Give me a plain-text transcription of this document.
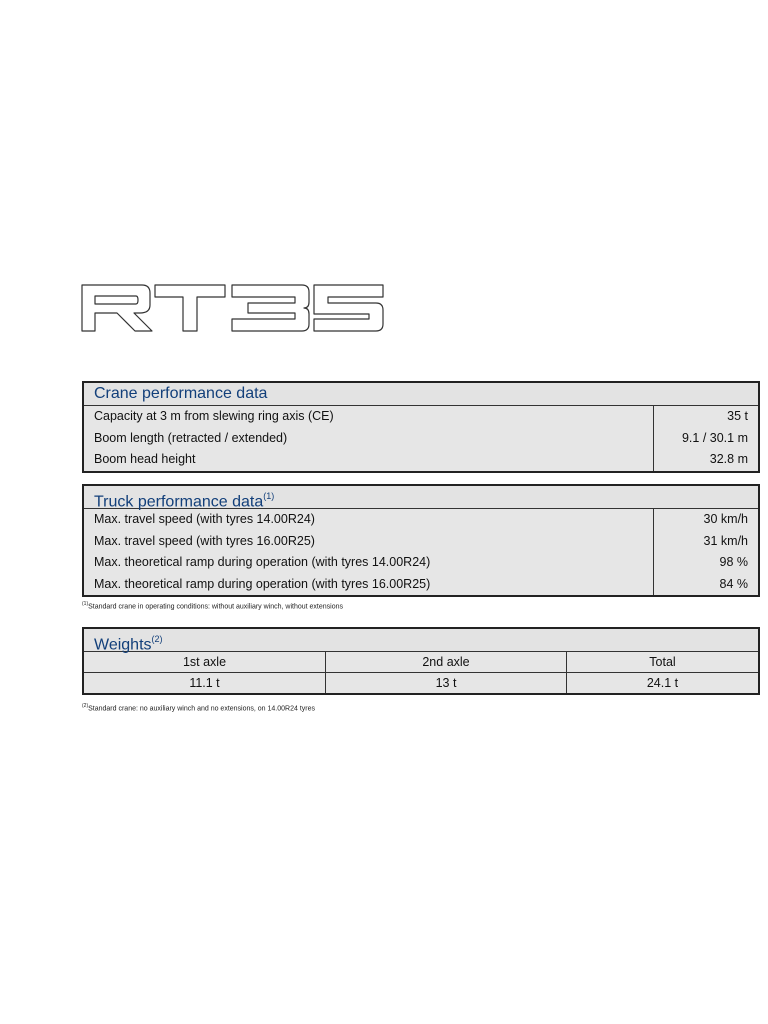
Crane performance data
Capacity at 3 m from slewing ring axis (CE)	35 t
Boom length (retracted / extended)	9.1 / 30.1 m
Boom head height	32.8 m
Truck performance data$^{(1)}$
Max. travel speed (with tyres 14.00R24)	30 km/h
Max. travel speed (with tyres 16.00R25)	31 km/h
Max. theoretical ramp during operation (with tyres 14.00R24)	98 %
Max. theoretical ramp during operation (with tyres 16.00R25)	84 %
$^{(1)}$Standard crane in operating conditions: without auxiliary winch, without extensions
Weights$^{(2)}$
1st axle	2nd axle	Total
11.1 t	13 t	24.1 t
$^{(2)}$Standard crane: no auxiliary winch and no extensions, on 14.00R24 tyres
